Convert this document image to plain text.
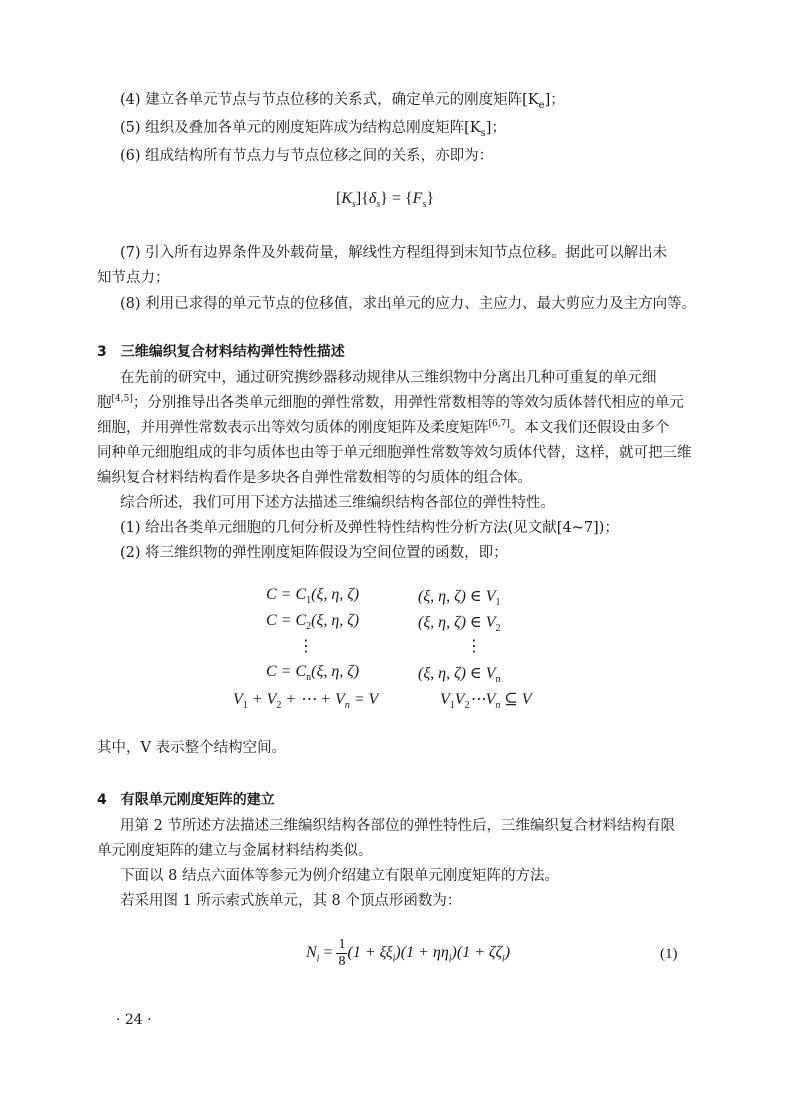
(4) 建立各单元节点与节点位移的关系式，确定单元的刚度矩阵$[K_e]$；
(5) 组织及叠加各单元的刚度矩阵成为结构总刚度矩阵$[K_s]$；
(6) 组成结构所有节点力与节点位移之间的关系，亦即为：
$[K_s]\{\delta_s\} = \{F_s\}$
(7) 引入所有边界条件及外载荷量，解线性方程组得到末知节点位移。据此可以解出未
知节点力；
(8) 利用已求得的单元节点的位移值，求出单元的应力、主应力、最大剪应力及主方向等。
3　三维编织复合材料结构弹性特性描述
在先前的研究中，通过研究携纱器移动规律从三维织物中分离出几种可重复的单元细
胞[4,5]；分别推导出各类单元细胞的弹性常数，用弹性常数相等的等效匀质体替代相应的单元
细胞，并用弹性常数表示出等效匀质体的刚度矩阵及柔度矩阵[6,7]。本文我们还假设由多个
同种单元细胞组成的非匀质体也由等于单元细胞弹性常数等效匀质体代替，这样，就可把三维
编织复合材料结构看作是多块各自弹性常数相等的匀质体的组合体。
综合所述，我们可用下述方法描述三维编织结构各部位的弹性特性。
(1) 给出各类单元细胞的几何分析及弹性特性结构性分析方法(见文献[4~7])；
(2) 将三维织物的弹性刚度矩阵假设为空间位置的函数，即；
$C = C_1(\xi$, η, ζ)	(ξ, η, ζ) ∈ $V_1$
$C = C_2(\xi$, η, ζ)	(ξ, η, ζ) ∈ $V_2$
⋮	⋮
$C = C_n(\xi$, η, ζ)	(ξ, η, ζ) ∈ $V_n$
$V_1 + V_2$ + ⋯ + $V_n = V$	$V_1V_2\cdots V_n$ ⊆ V
其中，V 表示整个结构空间。
4　有限单元刚度矩阵的建立
用第 2 节所述方法描述三维编织结构各部位的弹性特性后，三维编织复合材料结构有限
单元刚度矩阵的建立与金属材料结构类似。
下面以 8 结点六面体等参元为例介绍建立有限单元刚度矩阵的方法。
若采用图 1 所示索式族单元，其 8 个顶点形函数为：
$N_i = \frac{1}{8} (1 + \xi\xi_i)(1 + \eta\eta_i)(1 + \zeta\zeta_i)$	(1)
· 24 ·
